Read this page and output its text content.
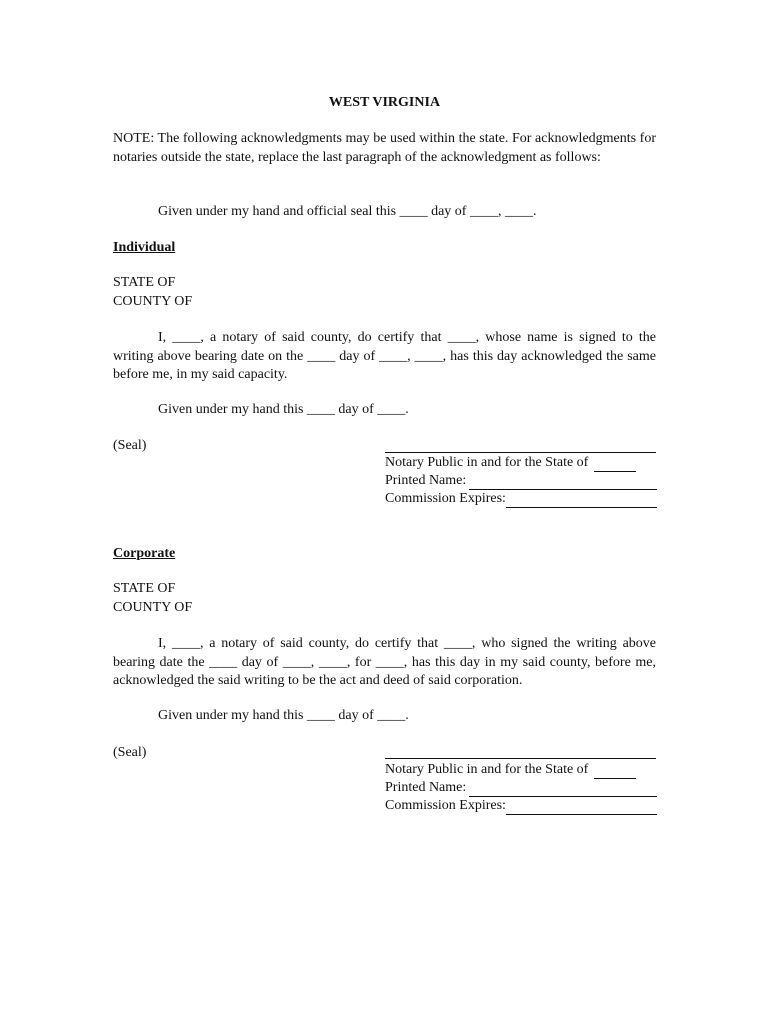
WEST VIRGINIA

NOTE: The following acknowledgments may be used within the state. For acknowledgments for notaries outside the state, replace the last paragraph of the acknowledgment as follows:

Given under my hand and official seal this ____ day of ____, ____.

Individual
STATE OF
COUNTY OF

I, ____, a notary of said county, do certify that ____, whose name is signed to the writing above bearing date on the ____ day of ____, ____, has this day acknowledged the same before me, in my said capacity.

Given under my hand this ____ day of ____.

(Seal)
Notary Public in and for the State of
Printed Name:
Commission Expires:
Corporate
STATE OF
COUNTY OF

I, ____, a notary of said county, do certify that ____, who signed the writing above bearing date the ____ day of ____, ____, for ____, has this day in my said county, before me, acknowledged the said writing to be the act and deed of said corporation.

Given under my hand this ____ day of ____.

(Seal)
Notary Public in and for the State of
Printed Name:
Commission Expires:
